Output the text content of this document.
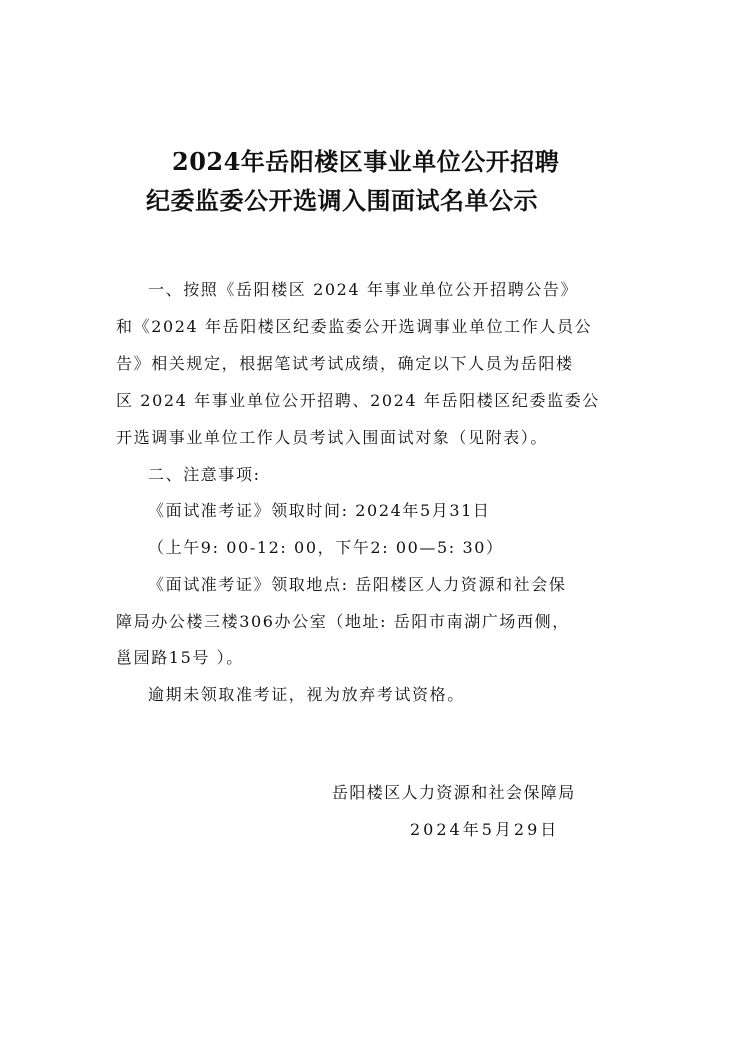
2024年岳阳楼区事业单位公开招聘
纪委监委公开选调入围面试名单公示
一、按照《岳阳楼区 2024 年事业单位公开招聘公告》
和《2024 年岳阳楼区纪委监委公开选调事业单位工作人员公
告》相关规定，根据笔试考试成绩，确定以下人员为岳阳楼
区 2024 年事业单位公开招聘、2024 年岳阳楼区纪委监委公
开选调事业单位工作人员考试入围面试对象（见附表）。
二、注意事项:
《面试准考证》领取时间: 2024年5月31日
（上午9: 00-12: 00，下午2: 00—5: 30）
《面试准考证》领取地点: 岳阳楼区人力资源和社会保
障局办公楼三楼306办公室（地址: 岳阳市南湖广场西侧，
邕园路15号 ）。
逾期未领取准考证，视为放弃考试资格。
岳阳楼区人力资源和社会保障局
2024年5月29日
